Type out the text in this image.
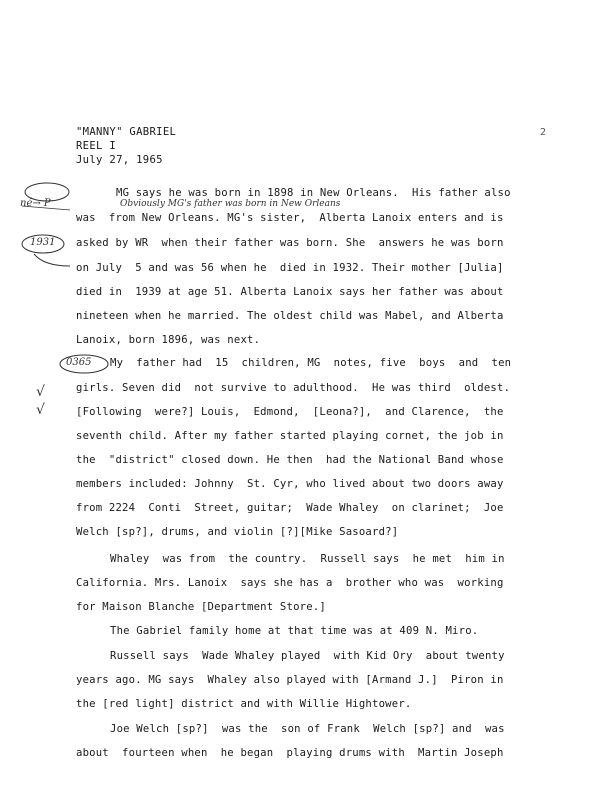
"MANNY" GABRIEL
REEL I
July 27, 1965
2
né→ P	Obviously MG's father was born in New Orleans
1931
0365
√
√
MG says he was born in 1898 in New Orleans.  His father also
was  from New Orleans. MG's sister,  Alberta Lanoix enters and is
asked by WR  when their father was born. She  answers he was born
on July  5 and was 56 when he  died in 1932. Their mother [Julia]
died in  1939 at age 51. Alberta Lanoix says her father was about
nineteen when he married. The oldest child was Mabel, and Alberta
Lanoix, born 1896, was next.
My  father had  15  children, MG  notes, five  boys  and  ten
girls. Seven did  not survive to adulthood.  He was third  oldest.
[Following  were?] Louis,  Edmond,  [Leona?],  and Clarence,  the
seventh child. After my father started playing cornet, the job in
the  "district" closed down. He then  had the National Band whose
members included: Johnny  St. Cyr, who lived about two doors away
from 2224  Conti  Street, guitar;  Wade Whaley  on clarinet;  Joe
Welch [sp?], drums, and violin [?][Mike Sasoard?]
Whaley  was from  the country.  Russell says  he met  him in
California. Mrs. Lanoix  says she has a  brother who was  working
for Maison Blanche [Department Store.]
The Gabriel family home at that time was at 409 N. Miro.
Russell says  Wade Whaley played  with Kid Ory  about twenty
years ago. MG says  Whaley also played with [Armand J.]  Piron in
the [red light] district and with Willie Hightower.
Joe Welch [sp?]  was the  son of Frank  Welch [sp?] and  was
about  fourteen when  he began  playing drums with  Martin Joseph
